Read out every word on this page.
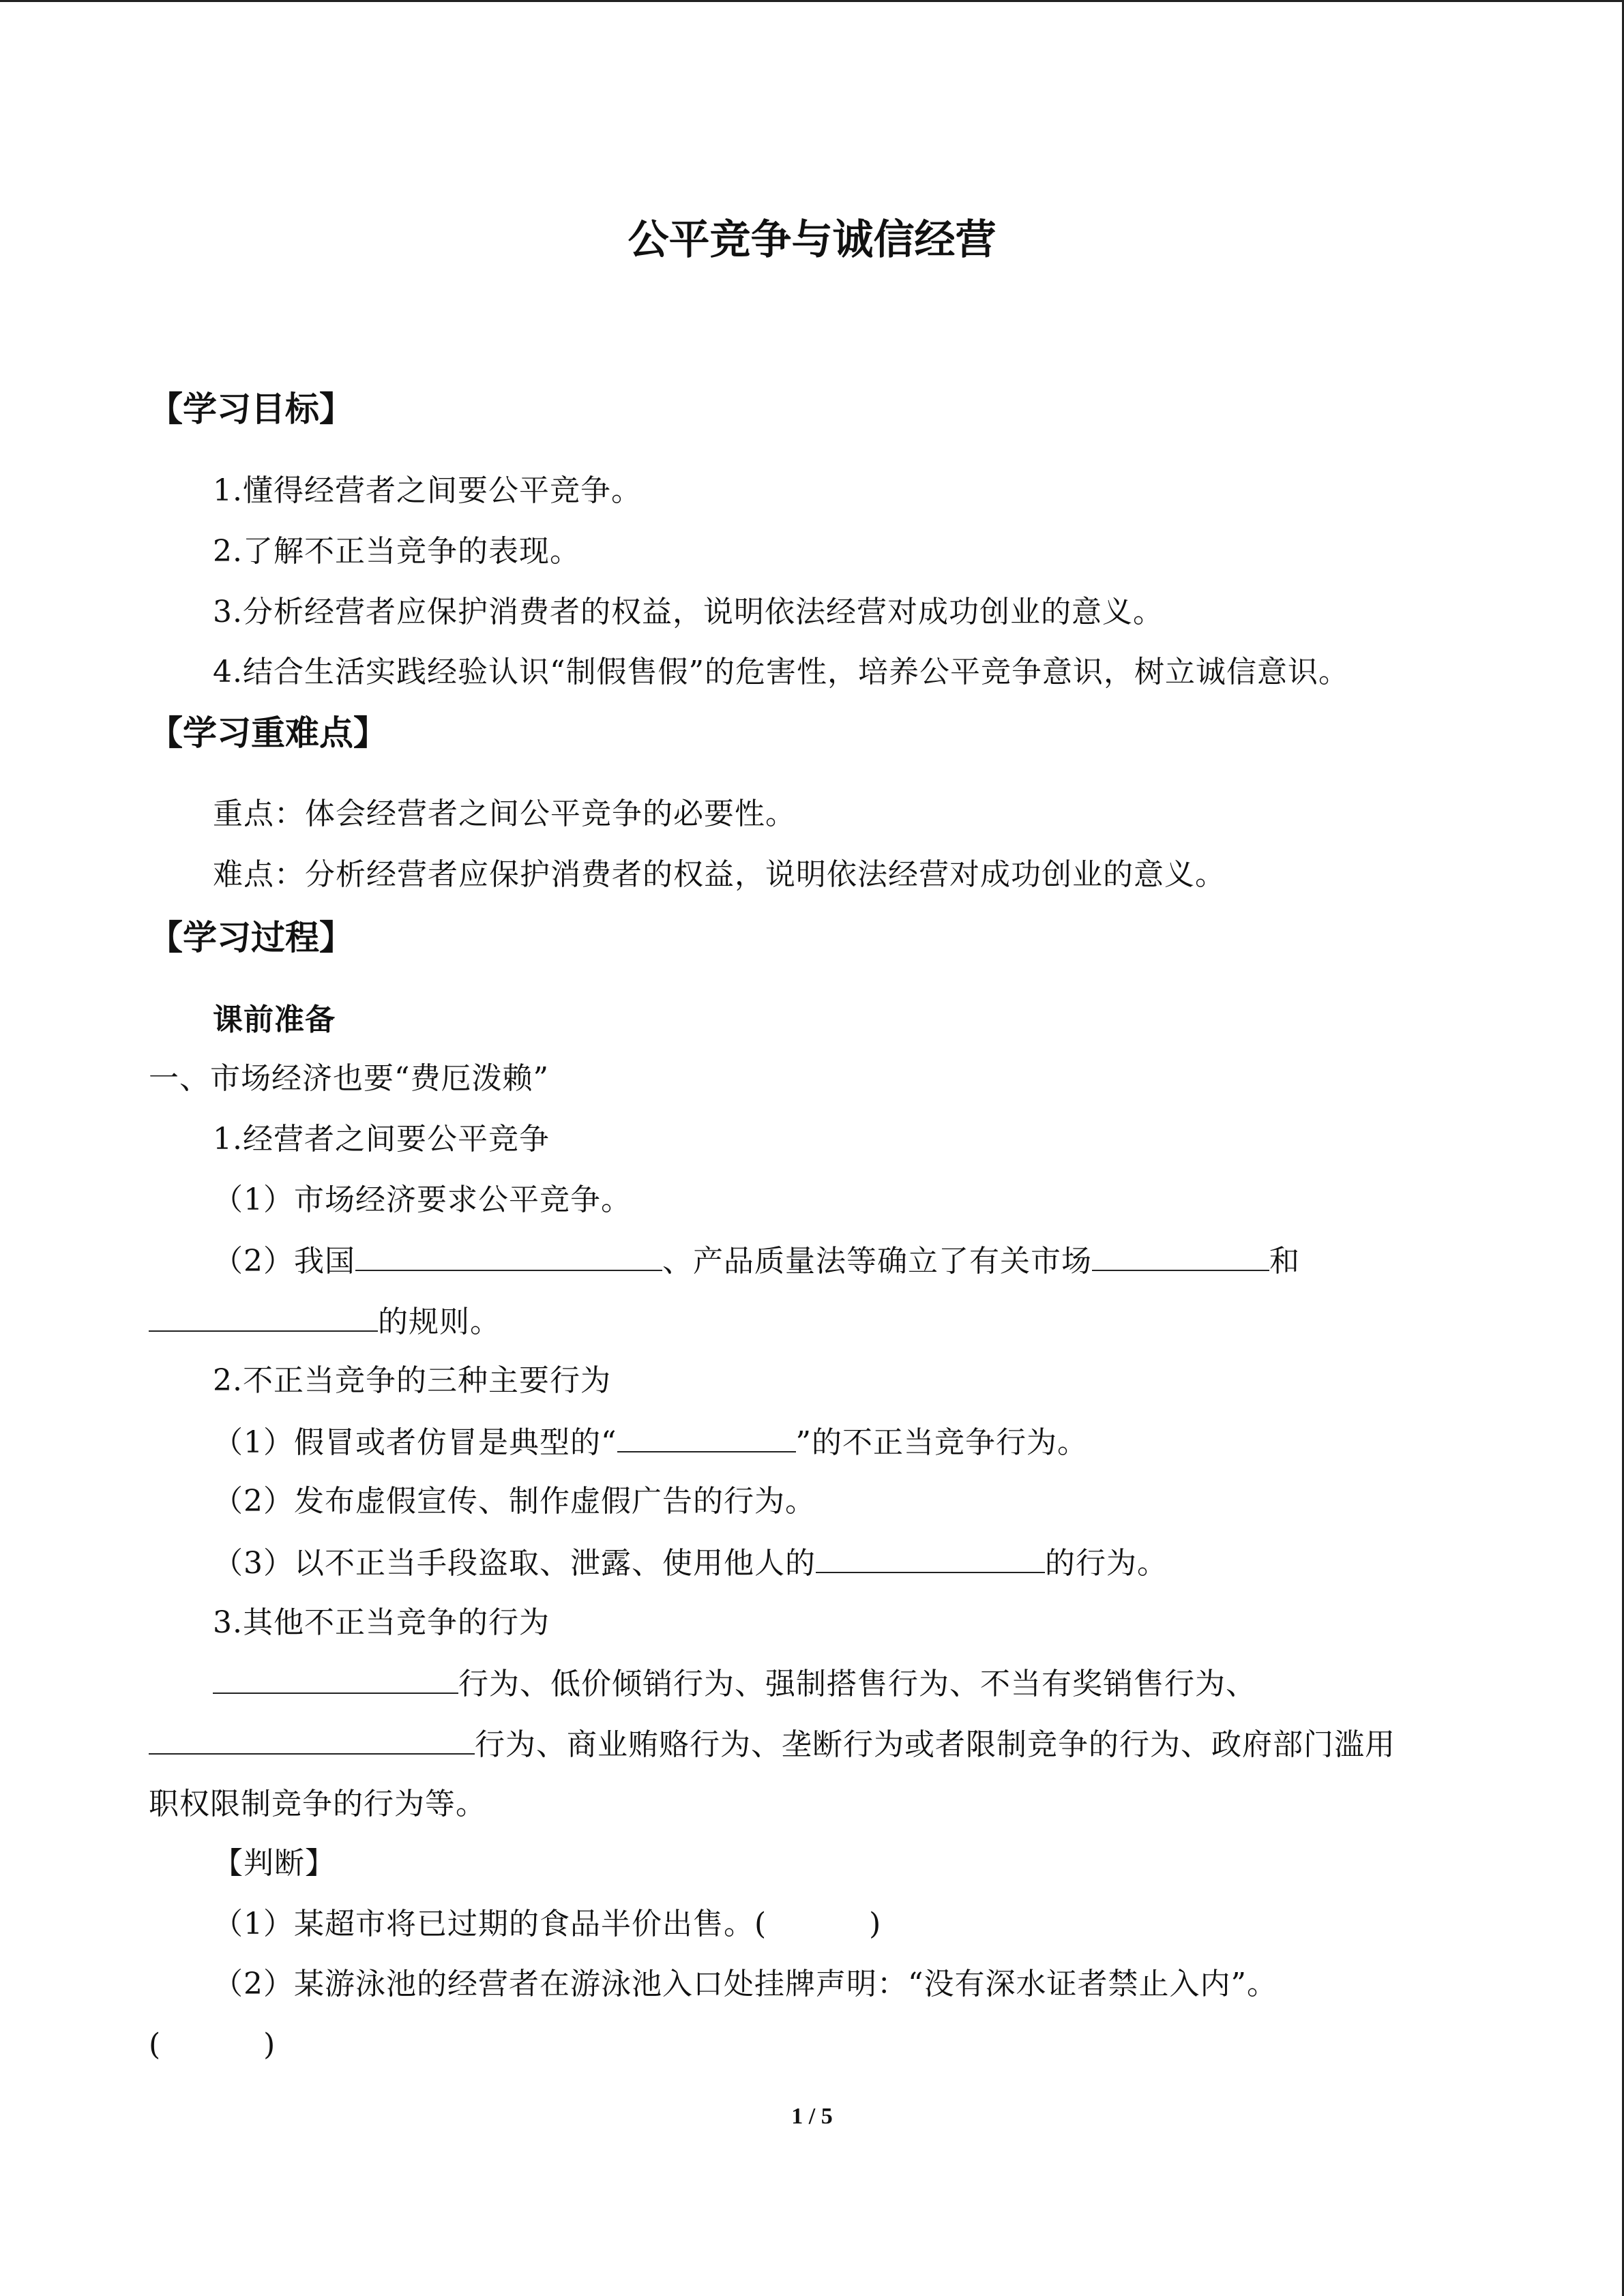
公平竞争与诚信经营
【学习目标】
1.懂得经营者之间要公平竞争。
2.了解不正当竞争的表现。
3.分析经营者应保护消费者的权益，说明依法经营对成功创业的意义。
4.结合生活实践经验认识“制假售假”的危害性，培养公平竞争意识，树立诚信意识。
【学习重难点】
重点：体会经营者之间公平竞争的必要性。
难点：分析经营者应保护消费者的权益，说明依法经营对成功创业的意义。
【学习过程】
课前准备
一、市场经济也要“费厄泼赖”
1.经营者之间要公平竞争
（1）市场经济要求公平竞争。
（2）我国	、产品质量法等确立了有关市场	和
的规则。
2.不正当竞争的三种主要行为
（1）假冒或者仿冒是典型的“	”的不正当竞争行为。
（2）发布虚假宣传、制作虚假广告的行为。
（3）以不正当手段盗取、泄露、使用他人的	的行为。
3.其他不正当竞争的行为
行为、低价倾销行为、强制搭售行为、不当有奖销售行为、
行为、商业贿赂行为、垄断行为或者限制竞争的行为、政府部门滥用
职权限制竞争的行为等。
【判断】
（1）某超市将已过期的食品半价出售。(	)
（2）某游泳池的经营者在游泳池入口处挂牌声明：“没有深水证者禁止入内”。
(	)
1 / 5
